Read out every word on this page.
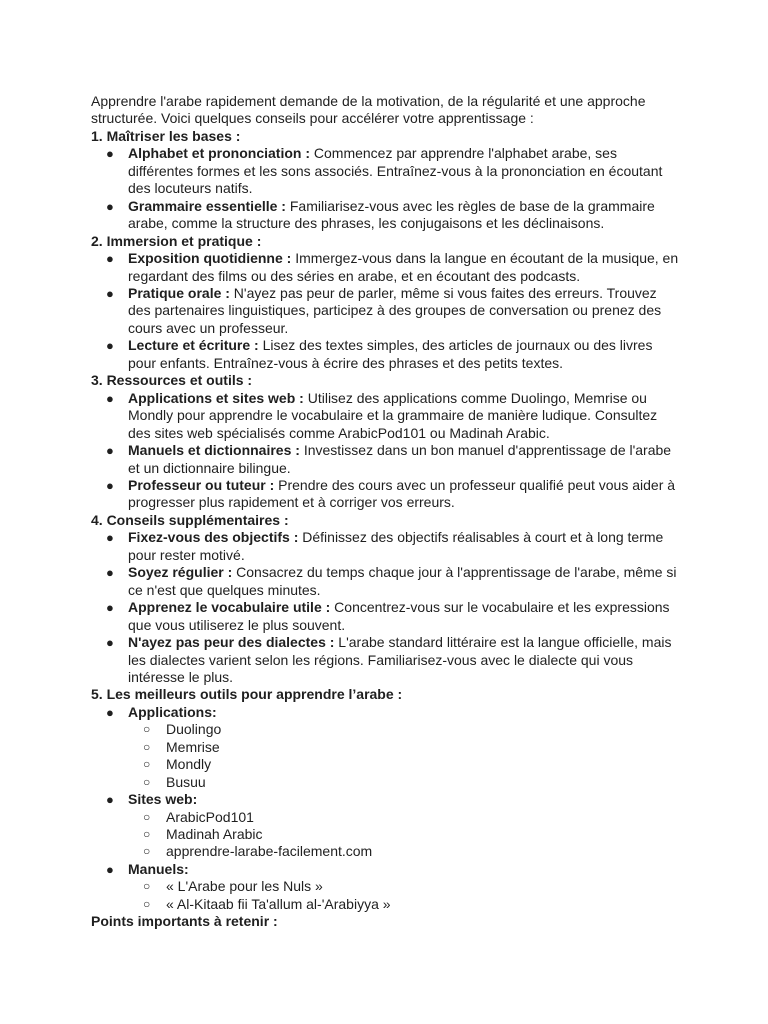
Apprendre l'arabe rapidement demande de la motivation, de la régularité et une approche structurée. Voici quelques conseils pour accélérer votre apprentissage :

1. Maîtriser les bases :

● Alphabet et prononciation : Commencez par apprendre l'alphabet arabe, ses différentes formes et les sons associés. Entraînez-vous à la prononciation en écoutant des locuteurs natifs.
● Grammaire essentielle : Familiarisez-vous avec les règles de base de la grammaire arabe, comme la structure des phrases, les conjugaisons et les déclinaisons.

2. Immersion et pratique :

● Exposition quotidienne : Immergez-vous dans la langue en écoutant de la musique, en regardant des films ou des séries en arabe, et en écoutant des podcasts.
● Pratique orale : N'ayez pas peur de parler, même si vous faites des erreurs. Trouvez des partenaires linguistiques, participez à des groupes de conversation ou prenez des cours avec un professeur.
● Lecture et écriture : Lisez des textes simples, des articles de journaux ou des livres pour enfants. Entraînez-vous à écrire des phrases et des petits textes.

3. Ressources et outils :

● Applications et sites web : Utilisez des applications comme Duolingo, Memrise ou Mondly pour apprendre le vocabulaire et la grammaire de manière ludique. Consultez des sites web spécialisés comme ArabicPod101 ou Madinah Arabic.
● Manuels et dictionnaires : Investissez dans un bon manuel d'apprentissage de l'arabe et un dictionnaire bilingue.
● Professeur ou tuteur : Prendre des cours avec un professeur qualifié peut vous aider à progresser plus rapidement et à corriger vos erreurs.

4. Conseils supplémentaires :

● Fixez-vous des objectifs : Définissez des objectifs réalisables à court et à long terme pour rester motivé.
● Soyez régulier : Consacrez du temps chaque jour à l'apprentissage de l'arabe, même si ce n'est que quelques minutes.
● Apprenez le vocabulaire utile : Concentrez-vous sur le vocabulaire et les expressions que vous utiliserez le plus souvent.
● N'ayez pas peur des dialectes : L'arabe standard littéraire est la langue officielle, mais les dialectes varient selon les régions. Familiarisez-vous avec le dialecte qui vous intéresse le plus.

5. Les meilleurs outils pour apprendre l’arabe :

● Applications:
○ Duolingo
○ Memrise
○ Mondly
○ Busuu
● Sites web:
○ ArabicPod101
○ Madinah Arabic
○ apprendre-larabe-facilement.com
● Manuels:
○ « L'Arabe pour les Nuls »
○ « Al-Kitaab fii Ta'allum al-'Arabiyya »

Points importants à retenir :
